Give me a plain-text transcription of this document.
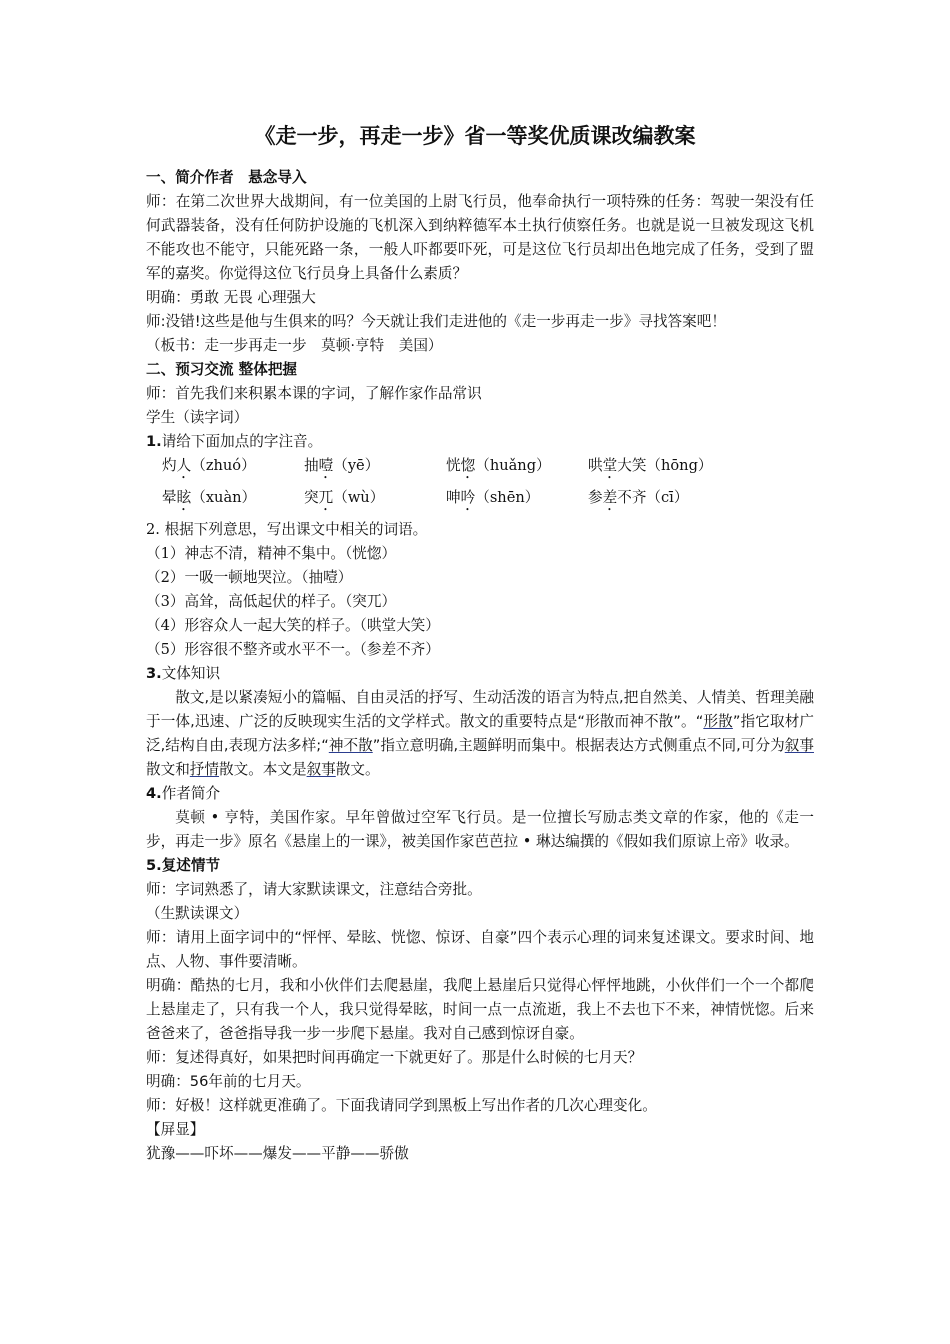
《走一步，再走一步》省一等奖优质课改编教案

一、简介作者　悬念导入

师：在第二次世界大战期间，有一位美国的上尉飞行员，他奉命执行一项特殊的任务：驾驶一架没有任何武器装备，没有任何防护设施的飞机深入到纳粹德军本土执行侦察任务。也就是说一旦被发现这飞机不能攻也不能守，只能死路一条，一般人吓都要吓死，可是这位飞行员却出色地完成了任务，受到了盟军的嘉奖。你觉得这位飞行员身上具备什么素质？

明确：勇敢 无畏 心理强大

师:没错!这些是他与生俱来的吗？今天就让我们走进他的《走一步再走一步》寻找答案吧！

（板书：走一步再走一步　莫顿·亨特　美国）

二、预习交流 整体把握

师：首先我们来积累本课的字词，了解作家作品常识

学生（读字词）

1.请给下面加点的字注音。

灼人（zhuó）	抽噎（yē）	恍惚（huǎng）	哄堂大笑（hōng）
晕眩（xuàn）	突兀（wù）	呻吟（shēn）	参差不齐（cī）

2. 根据下列意思，写出课文中相关的词语。

（1）神志不清，精神不集中。（恍惚）

（2）一吸一顿地哭泣。（抽噎）

（3）高耸，高低起伏的样子。（突兀）

（4）形容众人一起大笑的样子。（哄堂大笑）

（5）形容很不整齐或水平不一。（参差不齐）

3.文体知识

散文,是以紧凑短小的篇幅、自由灵活的抒写、生动活泼的语言为特点,把自然美、人情美、哲理美融于一体,迅速、广泛的反映现实生活的文学样式。散文的重要特点是“形散而神不散”。“形散”指它取材广泛,结构自由,表现方法多样;“神不散”指立意明确,主题鲜明而集中。根据表达方式侧重点不同,可分为叙事散文和抒情散文。本文是叙事散文。

4.作者简介

莫顿 • 亨特，美国作家。早年曾做过空军飞行员。是一位擅长写励志类文章的作家，他的《走一步，再走一步》原名《悬崖上的一课》，被美国作家芭芭拉 • 琳达编撰的《假如我们原谅上帝》收录。

5.复述情节

师：字词熟悉了，请大家默读课文，注意结合旁批。

（生默读课文）

师：请用上面字词中的“怦怦、晕眩、恍惚、惊讶、自豪”四个表示心理的词来复述课文。要求时间、地点、人物、事件要清晰。

明确：酷热的七月，我和小伙伴们去爬悬崖，我爬上悬崖后只觉得心怦怦地跳，小伙伴们一个一个都爬上悬崖走了，只有我一个人，我只觉得晕眩，时间一点一点流逝，我上不去也下不来，神情恍惚。后来爸爸来了，爸爸指导我一步一步爬下悬崖。我对自己感到惊讶自豪。

师：复述得真好，如果把时间再确定一下就更好了。那是什么时候的七月天？

明确：56年前的七月天。

师：好极！这样就更准确了。下面我请同学到黑板上写出作者的几次心理变化。

【屏显】

犹豫——吓坏——爆发——平静——骄傲
